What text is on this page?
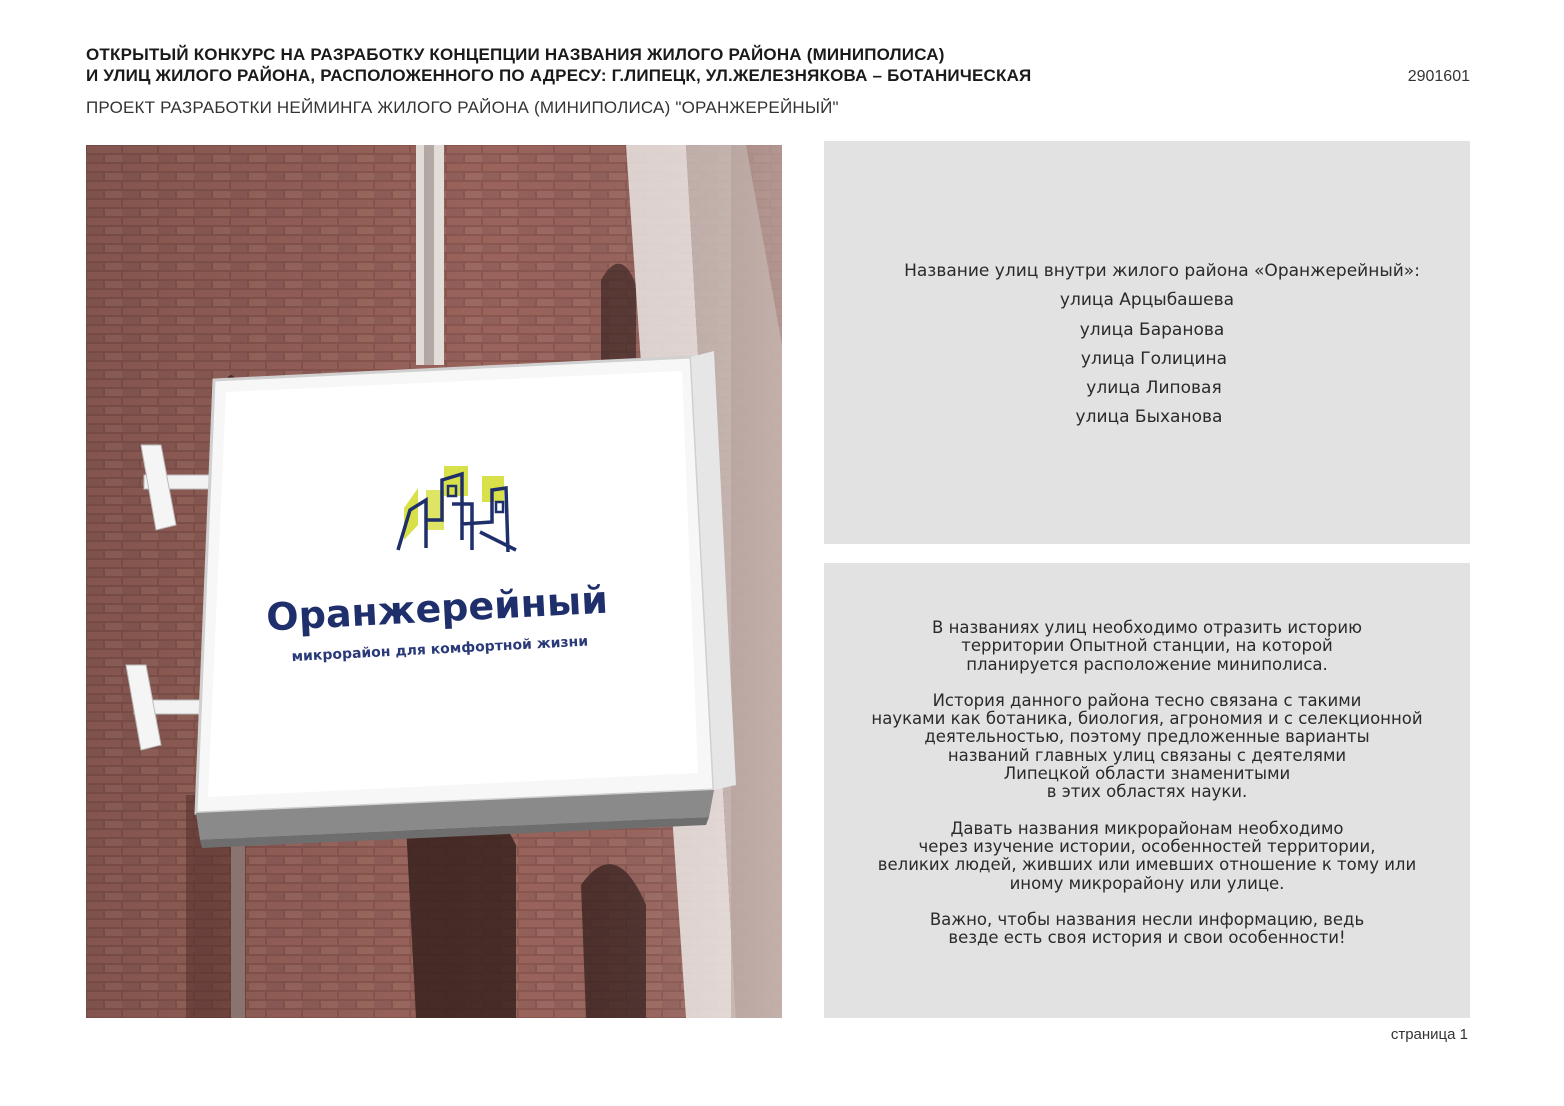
ОТКРЫТЫЙ КОНКУРС НА РАЗРАБОТКУ КОНЦЕПЦИИ НАЗВАНИЯ ЖИЛОГО РАЙОНА (МИНИПОЛИСА)
И УЛИЦ ЖИЛОГО РАЙОНА, РАСПОЛОЖЕННОГО ПО АДРЕСУ: Г.ЛИПЕЦК, УЛ.ЖЕЛЕЗНЯКОВА – БОТАНИЧЕСКАЯ	2901601
ПРОЕКТ РАЗРАБОТКИ НЕЙМИНГА ЖИЛОГО РАЙОНА (МИНИПОЛИСА) "ОРАНЖЕРЕЙНЫЙ"
Оранжерейный
микрорайон для комфортной жизни
Название улиц внутри жилого района «Оранжерейный»:
улица Арцыбашева
улица Баранова
улица Голицина
улица Липовая
улица Быханова

В названиях улиц необходимо отразить историю
территории Опытной станции, на которой
планируется расположение миниполиса.

История данного района тесно связана с такими
науками как ботаника, биология, агрономия и с селекционной
деятельностью, поэтому предложенные варианты
названий главных улиц связаны с деятелями
Липецкой области знаменитыми
в этих областях науки.

Давать названия микрорайонам необходимо
через изучение истории, особенностей территории,
великих людей, живших или имевших отношение к тому или
иному микрорайону или улице.

Важно, чтобы названия несли информацию, ведь
везде есть своя история и свои особенности!

страница 1
